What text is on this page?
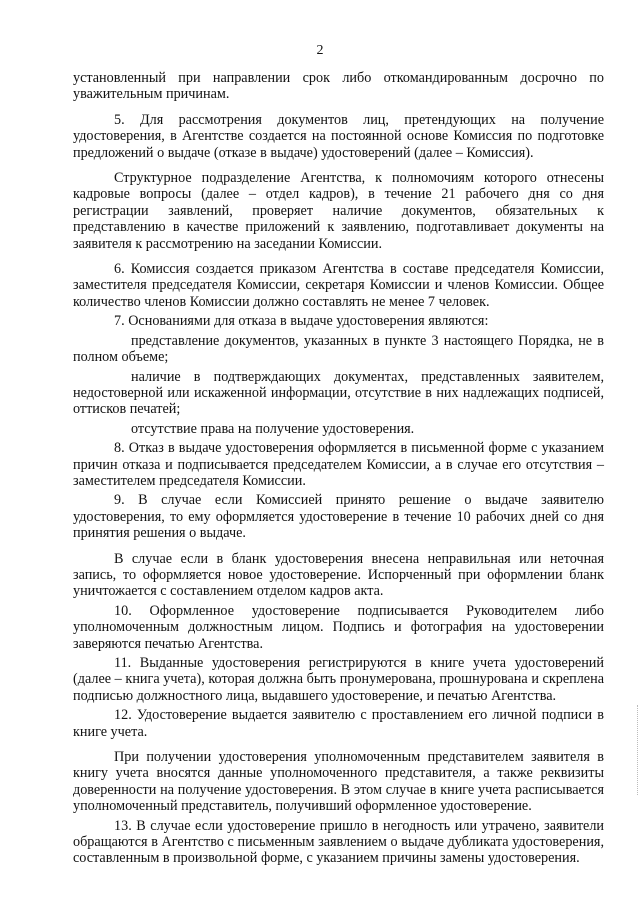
2

установленный при направлении срок либо откомандированным досрочно по уважительным причинам.

5. Для рассмотрения документов лиц, претендующих на получение удостоверения, в Агентстве создается на постоянной основе Комиссия по подготовке предложений о выдаче (отказе в выдаче) удостоверений (далее – Комиссия).

Структурное подразделение Агентства, к полномочиям которого отнесены кадровые вопросы (далее – отдел кадров), в течение 21 рабочего дня со дня регистрации заявлений, проверяет наличие документов, обязательных к представлению в качестве приложений к заявлению, подготавливает документы на заявителя к рассмотрению на заседании Комиссии.

6. Комиссия создается приказом Агентства в составе председателя Комиссии, заместителя председателя Комиссии, секретаря Комиссии и членов Комиссии. Общее количество членов Комиссии должно составлять не менее 7 человек.

7. Основаниями для отказа в выдаче удостоверения являются:

представление документов, указанных в пункте 3 настоящего Порядка, не в полном объеме;

наличие в подтверждающих документах, представленных заявителем, недостоверной или искаженной информации, отсутствие в них надлежащих подписей, оттисков печатей;

отсутствие права на получение удостоверения.

8. Отказ в выдаче удостоверения оформляется в письменной форме с указанием причин отказа и подписывается председателем Комиссии, а в случае его отсутствия – заместителем председателя Комиссии.

9. В случае если Комиссией принято решение о выдаче заявителю удостоверения, то ему оформляется удостоверение в течение 10 рабочих дней со дня принятия решения о выдаче.

В случае если в бланк удостоверения внесена неправильная или неточная запись, то оформляется новое удостоверение. Испорченный при оформлении бланк уничтожается с составлением отделом кадров акта.

10. Оформленное удостоверение подписывается Руководителем либо уполномоченным должностным лицом. Подпись и фотография на удостоверении заверяются печатью Агентства.

11. Выданные удостоверения регистрируются в книге учета удостоверений (далее – книга учета), которая должна быть пронумерована, прошнурована и скреплена подписью должностного лица, выдавшего удостоверение, и печатью Агентства.

12. Удостоверение выдается заявителю с проставлением его личной подписи в книге учета.

При получении удостоверения уполномоченным представителем заявителя в книгу учета вносятся данные уполномоченного представителя, а также реквизиты доверенности на получение удостоверения. В этом случае в книге учета расписывается уполномоченный представитель, получивший оформленное удостоверение.

13. В случае если удостоверение пришло в негодность или утрачено, заявители обращаются в Агентство с письменным заявлением о выдаче дубликата удостоверения, составленным в произвольной форме, с указанием причины замены удостоверения.
